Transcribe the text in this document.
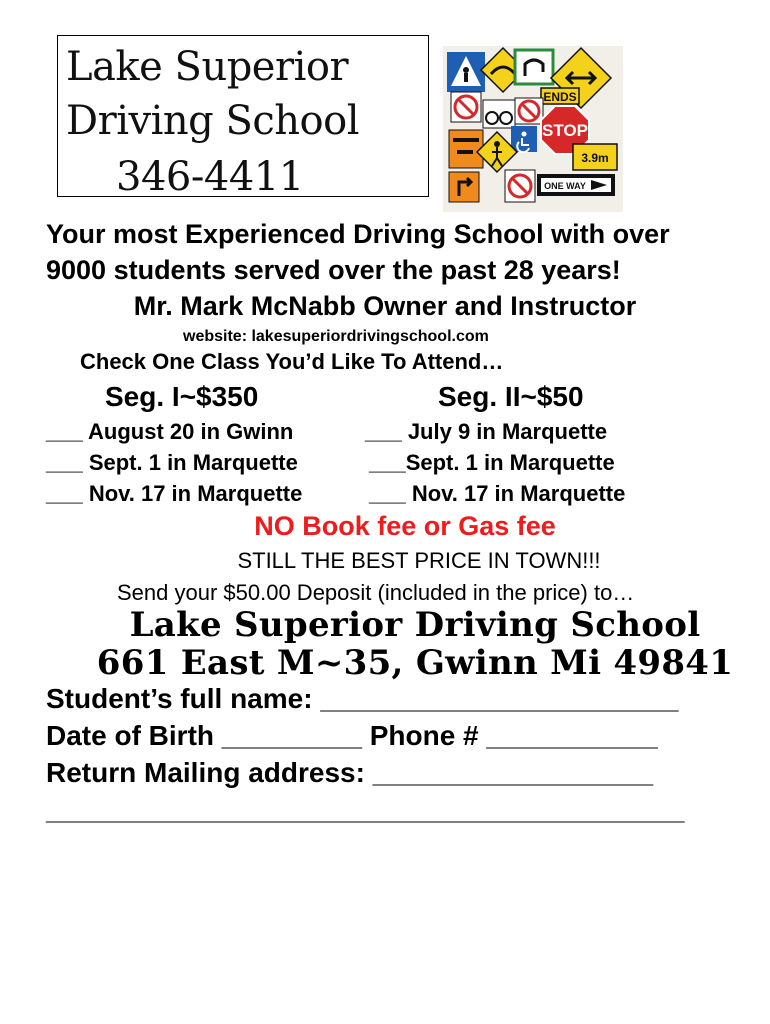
Lake Superior
Driving School
346-4411
ENDS
STOP
3.9m
ONE WAY
Your most Experienced Driving School with over
9000 students served over the past 28 years!
Mr. Mark McNabb Owner and Instructor
website: lakesuperiordrivingschool.com
Check One Class You’d Like To Attend…
Seg. I~$350	Seg. II~$50
___ August 20 in Gwinn
___ Sept. 1 in Marquette
___ Nov. 17 in Marquette
___ July 9 in Marquette
___Sept. 1 in Marquette
___ Nov. 17 in Marquette
NO Book fee or Gas fee
STILL THE BEST PRICE IN TOWN!!!
Send your $50.00 Deposit (included in the price) to…
Lake Superior Driving School
661 East M~35, Gwinn Mi 49841
Student’s full name: _______________________
Date of Birth _________ Phone # ___________
Return Mailing address: __________________
_________________________________________
